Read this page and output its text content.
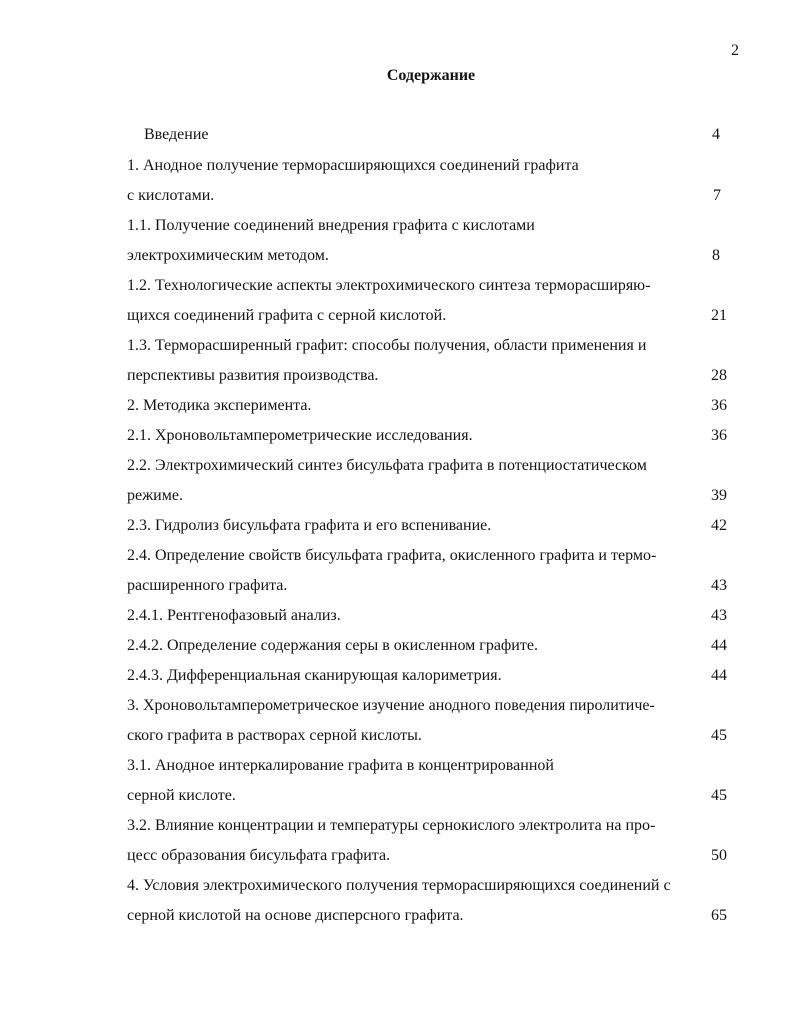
2
Содержание
Введение	4
1. Анодное получение терморасширяющихся соединений графита
с кислотами.	7
1.1. Получение соединений внедрения графита с кислотами
электрохимическим методом.	8
1.2. Технологические аспекты электрохимического синтеза терморасширяю-
щихся соединений графита с серной кислотой.	21
1.3. Терморасширенный графит: способы получения, области применения и
перспективы развития производства.	28
2. Методика эксперимента.	36
2.1. Хроновольтамперометрические исследования.	36
2.2. Электрохимический синтез бисульфата графита в потенциостатическом
режиме.	39
2.3. Гидролиз бисульфата графита и его вспенивание.	42
2.4. Определение свойств бисульфата графита, окисленного графита и термо-
расширенного графита.	43
2.4.1. Рентгенофазовый анализ.	43
2.4.2. Определение содержания серы в окисленном графите.	44
2.4.3. Дифференциальная сканирующая калориметрия.	44
3. Хроновольтамперометрическое изучение анодного поведения пиролитиче-
ского графита в растворах серной кислоты.	45
3.1. Анодное интеркалирование графита в концентрированной
серной кислоте.	45
3.2. Влияние концентрации и температуры сернокислого электролита на про-
цесс образования бисульфата графита.	50
4. Условия электрохимического получения терморасширяющихся соединений с
серной кислотой на основе дисперсного графита.	65
